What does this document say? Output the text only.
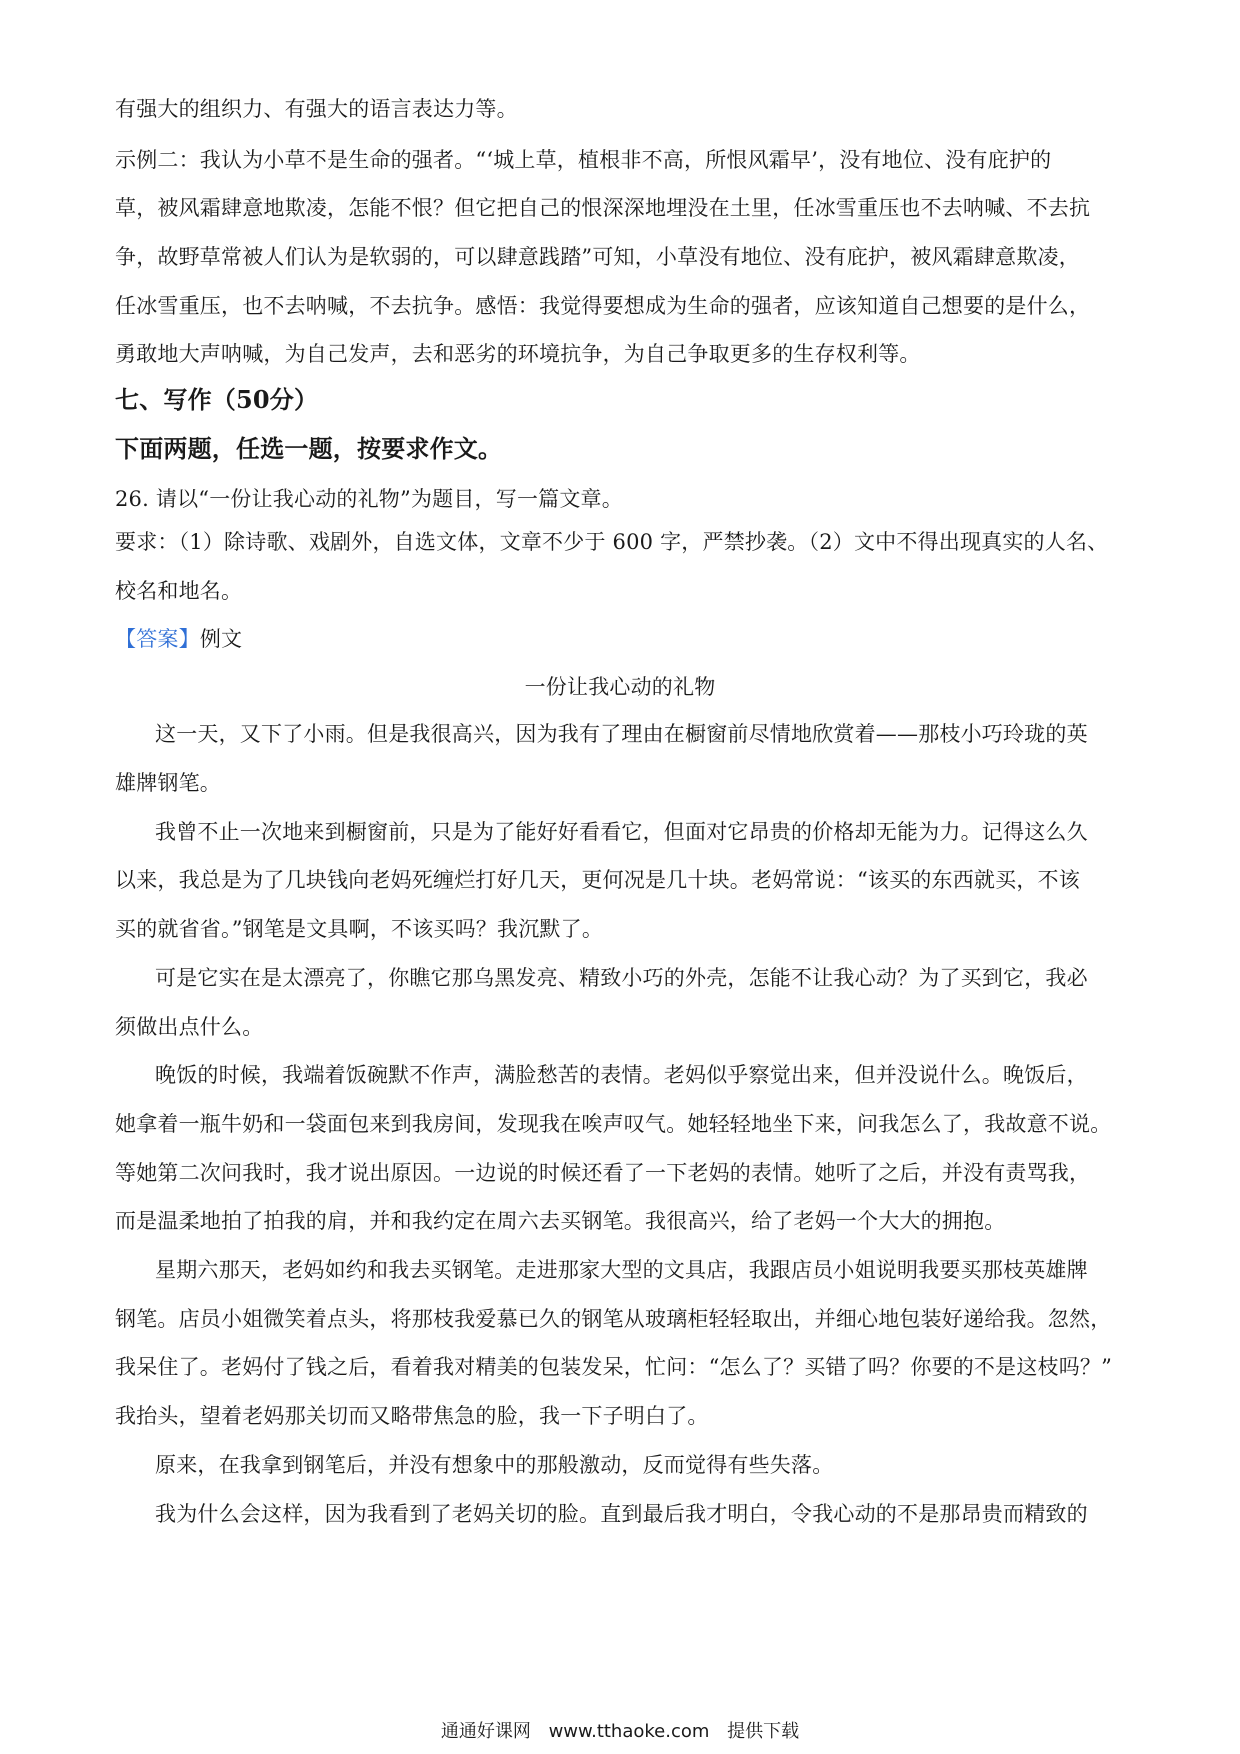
有强大的组织力、有强大的语言表达力等。
示例二：我认为小草不是生命的强者。“‘城上草，植根非不高，所恨风霜早’，没有地位、没有庇护的
草，被风霜肆意地欺凌，怎能不恨？但它把自己的恨深深地埋没在土里，任冰雪重压也不去呐喊、不去抗
争，故野草常被人们认为是软弱的，可以肆意践踏”可知，小草没有地位、没有庇护，被风霜肆意欺凌，
任冰雪重压，也不去呐喊，不去抗争。感悟：我觉得要想成为生命的强者，应该知道自己想要的是什么，
勇敢地大声呐喊，为自己发声，去和恶劣的环境抗争，为自己争取更多的生存权利等。
七、写作（50分）
下面两题，任选一题，按要求作文。
26. 请以“一份让我心动的礼物”为题目，写一篇文章。
要求：（1）除诗歌、戏剧外，自选文体，文章不少于 600 字，严禁抄袭。（2）文中不得出现真实的人名、
校名和地名。
【答案】例文
一份让我心动的礼物
这一天，又下了小雨。但是我很高兴，因为我有了理由在橱窗前尽情地欣赏着——那枝小巧玲珑的英
雄牌钢笔。
我曾不止一次地来到橱窗前，只是为了能好好看看它，但面对它昂贵的价格却无能为力。记得这么久
以来，我总是为了几块钱向老妈死缠烂打好几天，更何况是几十块。老妈常说：“该买的东西就买，不该
买的就省省。”钢笔是文具啊，不该买吗？我沉默了。
可是它实在是太漂亮了，你瞧它那乌黑发亮、精致小巧的外壳，怎能不让我心动？为了买到它，我必
须做出点什么。
晚饭的时候，我端着饭碗默不作声，满脸愁苦的表情。老妈似乎察觉出来，但并没说什么。晚饭后，
她拿着一瓶牛奶和一袋面包来到我房间，发现我在唉声叹气。她轻轻地坐下来，问我怎么了，我故意不说。
等她第二次问我时，我才说出原因。一边说的时候还看了一下老妈的表情。她听了之后，并没有责骂我，
而是温柔地拍了拍我的肩，并和我约定在周六去买钢笔。我很高兴，给了老妈一个大大的拥抱。
星期六那天，老妈如约和我去买钢笔。走进那家大型的文具店，我跟店员小姐说明我要买那枝英雄牌
钢笔。店员小姐微笑着点头，将那枝我爱慕已久的钢笔从玻璃柜轻轻取出，并细心地包装好递给我。忽然，
我呆住了。老妈付了钱之后，看着我对精美的包装发呆，忙问：“怎么了？买错了吗？你要的不是这枝吗？”
我抬头，望着老妈那关切而又略带焦急的脸，我一下子明白了。
原来，在我拿到钢笔后，并没有想象中的那般激动，反而觉得有些失落。
我为什么会这样，因为我看到了老妈关切的脸。直到最后我才明白，令我心动的不是那昂贵而精致的
通通好课网 www.tthaoke.com 提供下载
